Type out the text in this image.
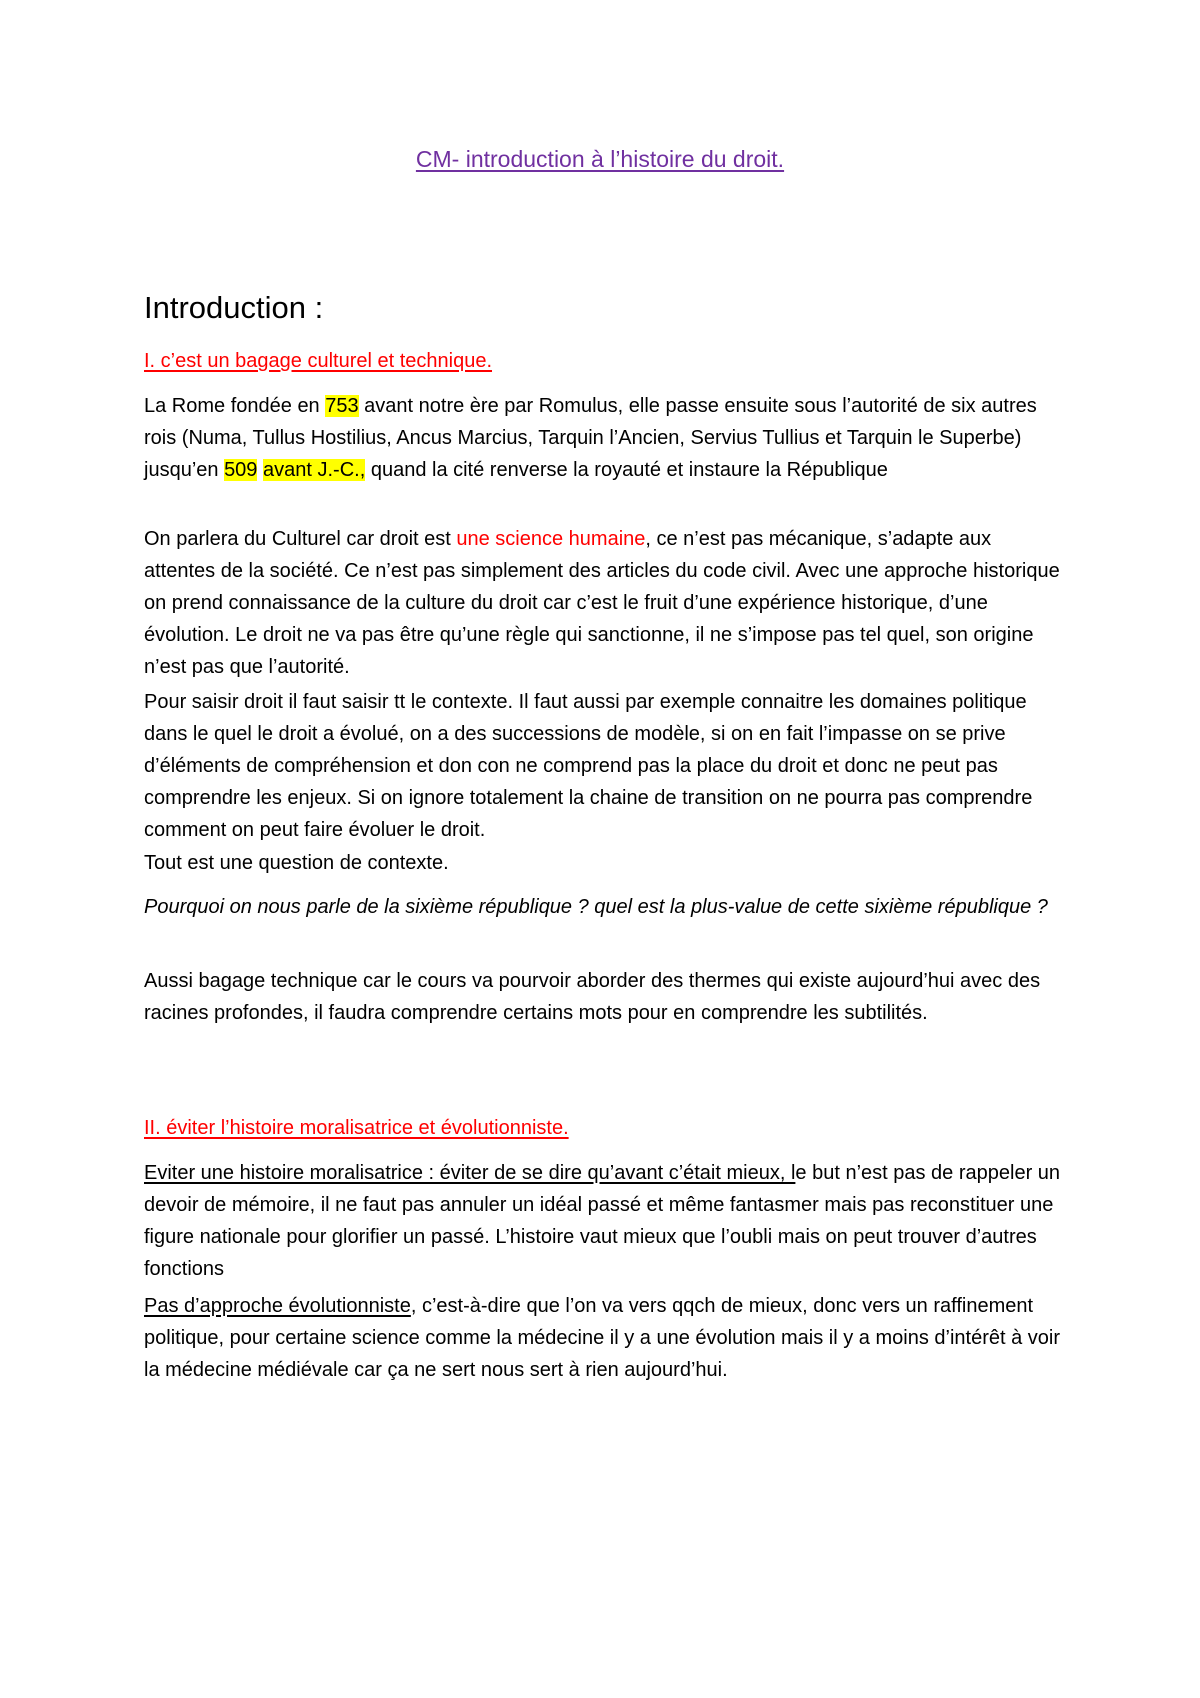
CM- introduction à l’histoire du droit.
Introduction :
I. c’est un bagage culturel et technique.
La Rome fondée en 753 avant notre ère par Romulus, elle passe ensuite sous l’autorité de six autres rois (Numa, Tullus Hostilius, Ancus Marcius, Tarquin l’Ancien, Servius Tullius et Tarquin le Superbe) jusqu’en 509 avant J.-C., quand la cité renverse la royauté et instaure la République
On parlera du Culturel car droit est une science humaine, ce n’est pas mécanique, s’adapte aux attentes de la société. Ce n’est pas simplement des articles du code civil. Avec une approche historique on prend connaissance de la culture du droit car c’est le fruit d’une expérience historique, d’une évolution. Le droit ne va pas être qu’une règle qui sanctionne, il ne s’impose pas tel quel, son origine n’est pas que l’autorité.
Pour saisir droit il faut saisir tt le contexte. Il faut aussi par exemple connaitre les domaines politique dans le quel le droit a évolué, on a des successions de modèle, si on en fait l’impasse on se prive d’éléments de compréhension et don con ne comprend pas la place du droit et donc ne peut pas comprendre les enjeux. Si on ignore totalement la chaine de transition on ne pourra pas comprendre comment on peut faire évoluer le droit.
Tout est une question de contexte.
Pourquoi on nous parle de la sixième république ? quel est la plus-value de cette sixième république ?
Aussi bagage technique car le cours va pourvoir aborder des thermes qui existe aujourd’hui avec des racines profondes, il faudra comprendre certains mots pour en comprendre les subtilités.
II. éviter l’histoire moralisatrice et évolutionniste.
Eviter une histoire moralisatrice : éviter de se dire qu’avant c’était mieux, le but n’est pas de rappeler un devoir de mémoire, il ne faut pas annuler un idéal passé et même fantasmer mais pas reconstituer une figure nationale pour glorifier un passé. L’histoire vaut mieux que l’oubli mais on peut trouver d’autres fonctions
Pas d’approche évolutionniste, c’est-à-dire que l’on va vers qqch de mieux, donc vers un raffinement politique, pour certaine science comme la médecine il y a une évolution mais il y a moins d’intérêt à voir la médecine médiévale car ça ne sert nous sert à rien aujourd’hui.
